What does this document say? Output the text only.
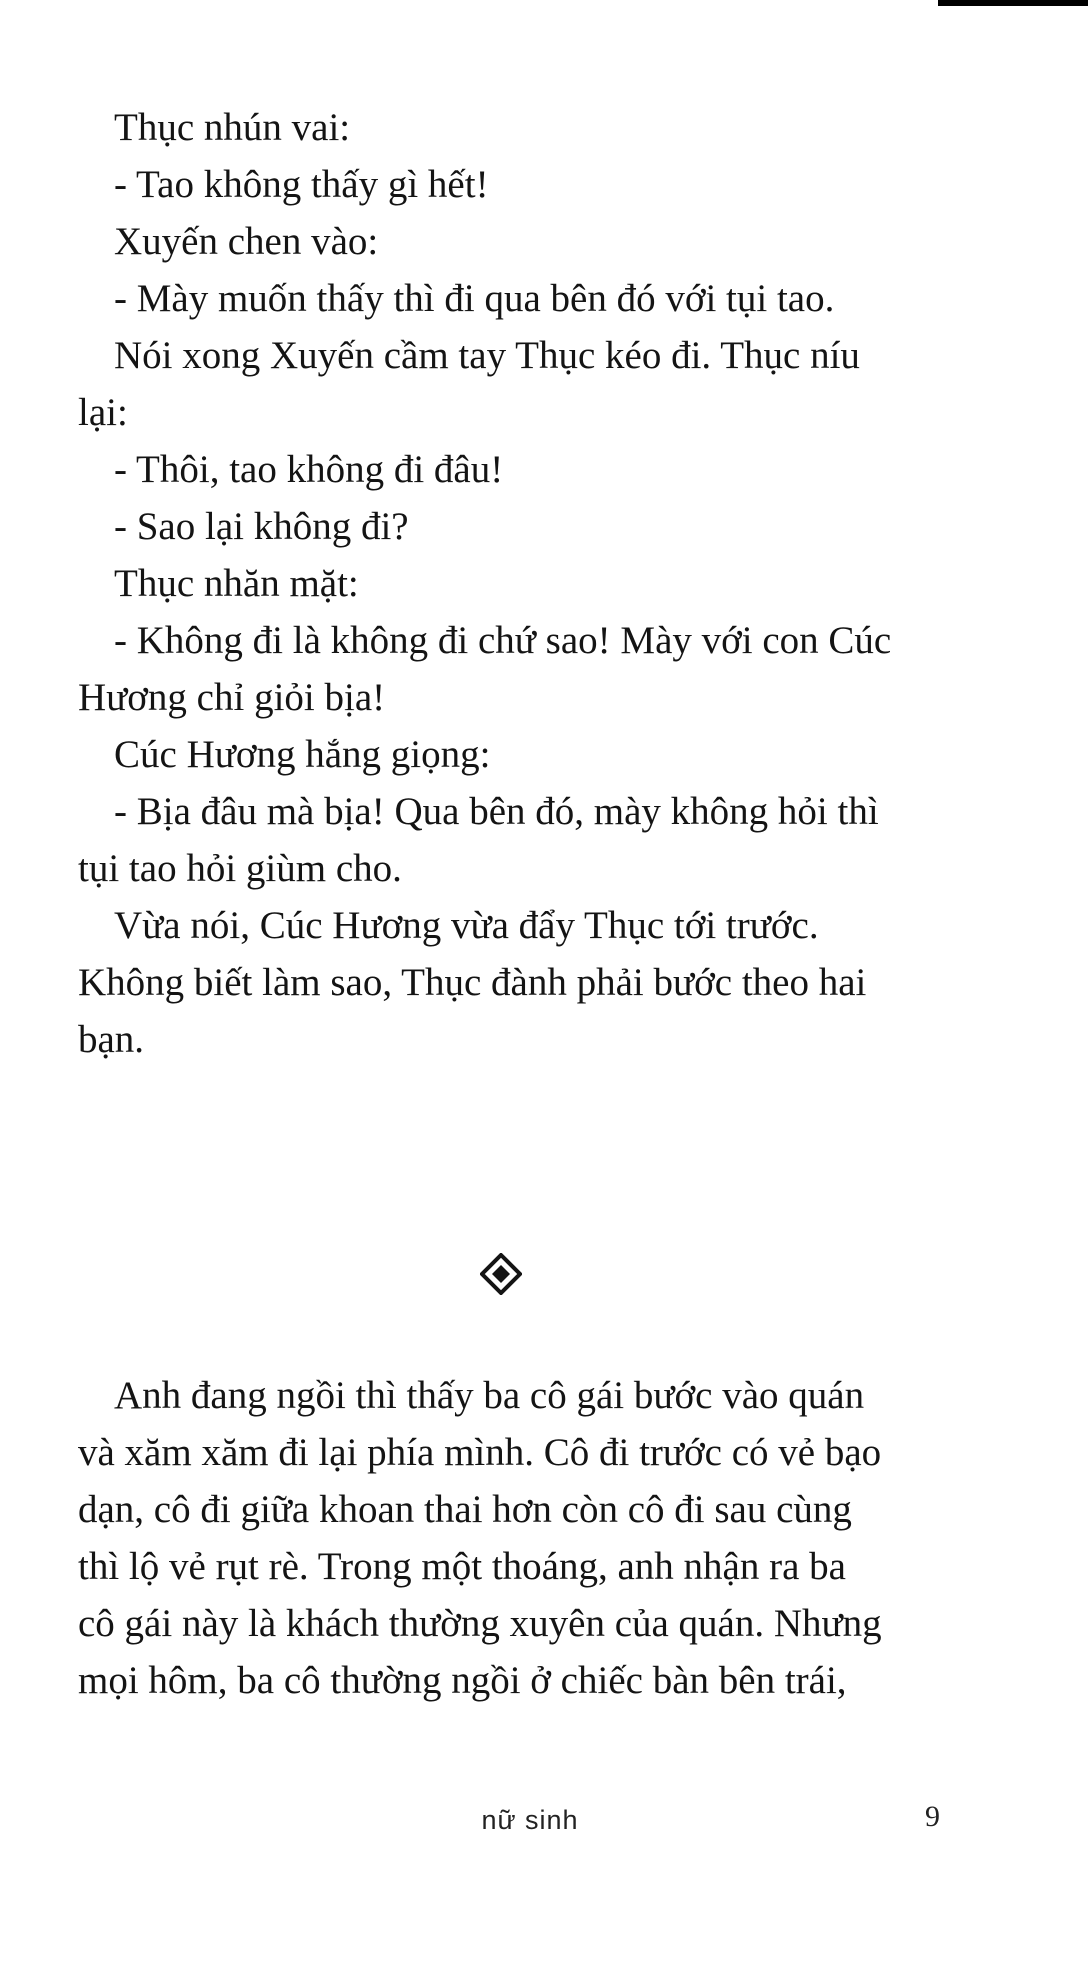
Thục nhún vai:
- Tao không thấy gì hết!
Xuyến chen vào:
- Mày muốn thấy thì đi qua bên đó với tụi tao.
Nói xong Xuyến cầm tay Thục kéo đi. Thục níu
lại:
- Thôi, tao không đi đâu!
- Sao lại không đi?
Thục nhăn mặt:
- Không đi là không đi chứ sao! Mày với con Cúc
Hương chỉ giỏi bịa!
Cúc Hương hắng giọng:
- Bịa đâu mà bịa! Qua bên đó, mày không hỏi thì
tụi tao hỏi giùm cho.
Vừa nói, Cúc Hương vừa đẩy Thục tới trước.
Không biết làm sao, Thục đành phải bước theo hai
bạn.
Anh đang ngồi thì thấy ba cô gái bước vào quán
và xăm xăm đi lại phía mình. Cô đi trước có vẻ bạo
dạn, cô đi giữa khoan thai hơn còn cô đi sau cùng
thì lộ vẻ rụt rè. Trong một thoáng, anh nhận ra ba
cô gái này là khách thường xuyên của quán. Nhưng
mọi hôm, ba cô thường ngồi ở chiếc bàn bên trái,
nữ sinh	9
